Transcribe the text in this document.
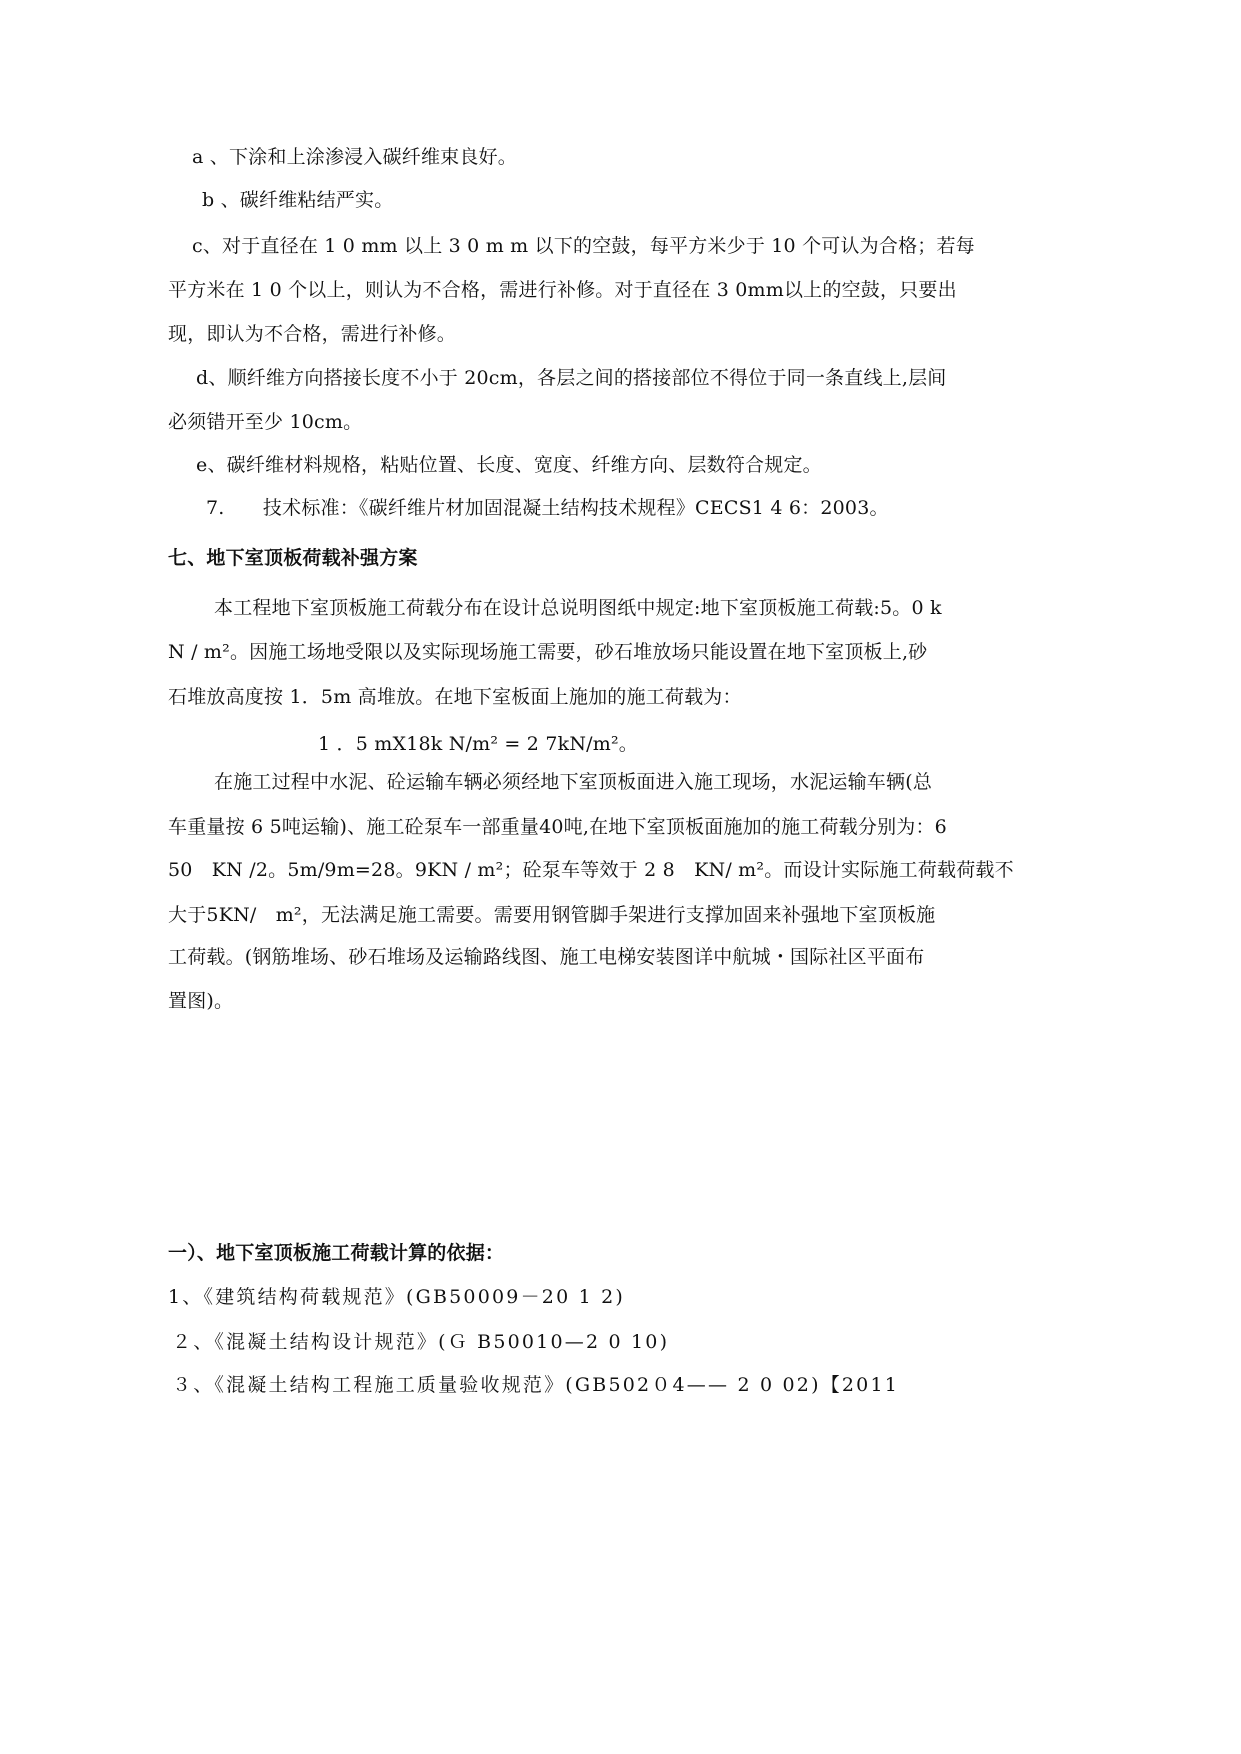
a 、下涂和上涂渗浸入碳纤维束良好。
b 、碳纤维粘结严实。
c、对于直径在 1 0 mm 以上 3 0 m m 以下的空鼓，每平方米少于 10 个可认为合格；若每
平方米在 1 0 个以上，则认为不合格，需进行补修。对于直径在 3 0mm以上的空鼓，只要出
现，即认为不合格，需进行补修。
d、顺纤维方向搭接长度不小于 20cm，各层之间的搭接部位不得位于同一条直线上,层间
必须错开至少 10cm。
e、碳纤维材料规格，粘贴位置、长度、宽度、纤维方向、层数符合规定。
7.　　技术标准：《碳纤维片材加固混凝土结构技术规程》CECS1 4 6：2003。
七、地下室顶板荷载补强方案
本工程地下室顶板施工荷载分布在设计总说明图纸中规定:地下室顶板施工荷载:5。0 k
N / m²。因施工场地受限以及实际现场施工需要，砂石堆放场只能设置在地下室顶板上,砂
石堆放高度按 1．5m 高堆放。在地下室板面上施加的施工荷载为：
1 ．5 mX18k N/m² = 2 7kN/m²。
在施工过程中水泥、砼运输车辆必须经地下室顶板面进入施工现场，水泥运输车辆(总
车重量按 6 5吨运输)、施工砼泵车一部重量40吨,在地下室顶板面施加的施工荷载分别为：6
50　KN /2。5m/9m=28。9KN / m²；砼泵车等效于 2 8　KN/ m²。而设计实际施工荷载荷载不
大于5KN/　m²，无法满足施工需要。需要用钢管脚手架进行支撑加固来补强地下室顶板施
工荷载。(钢筋堆场、砂石堆场及运输路线图、施工电梯安装图详中航城・国际社区平面布
置图)。
一）、地下室顶板施工荷载计算的依据：
1、《建筑结构荷载规范》(GB50009－20 1 2)
２、《混凝土结构设计规范》(Ｇ B50010—2 0 10)
３、《混凝土结构工程施工质量验收规范》(GB502０4—— 2 0 02)【2011
